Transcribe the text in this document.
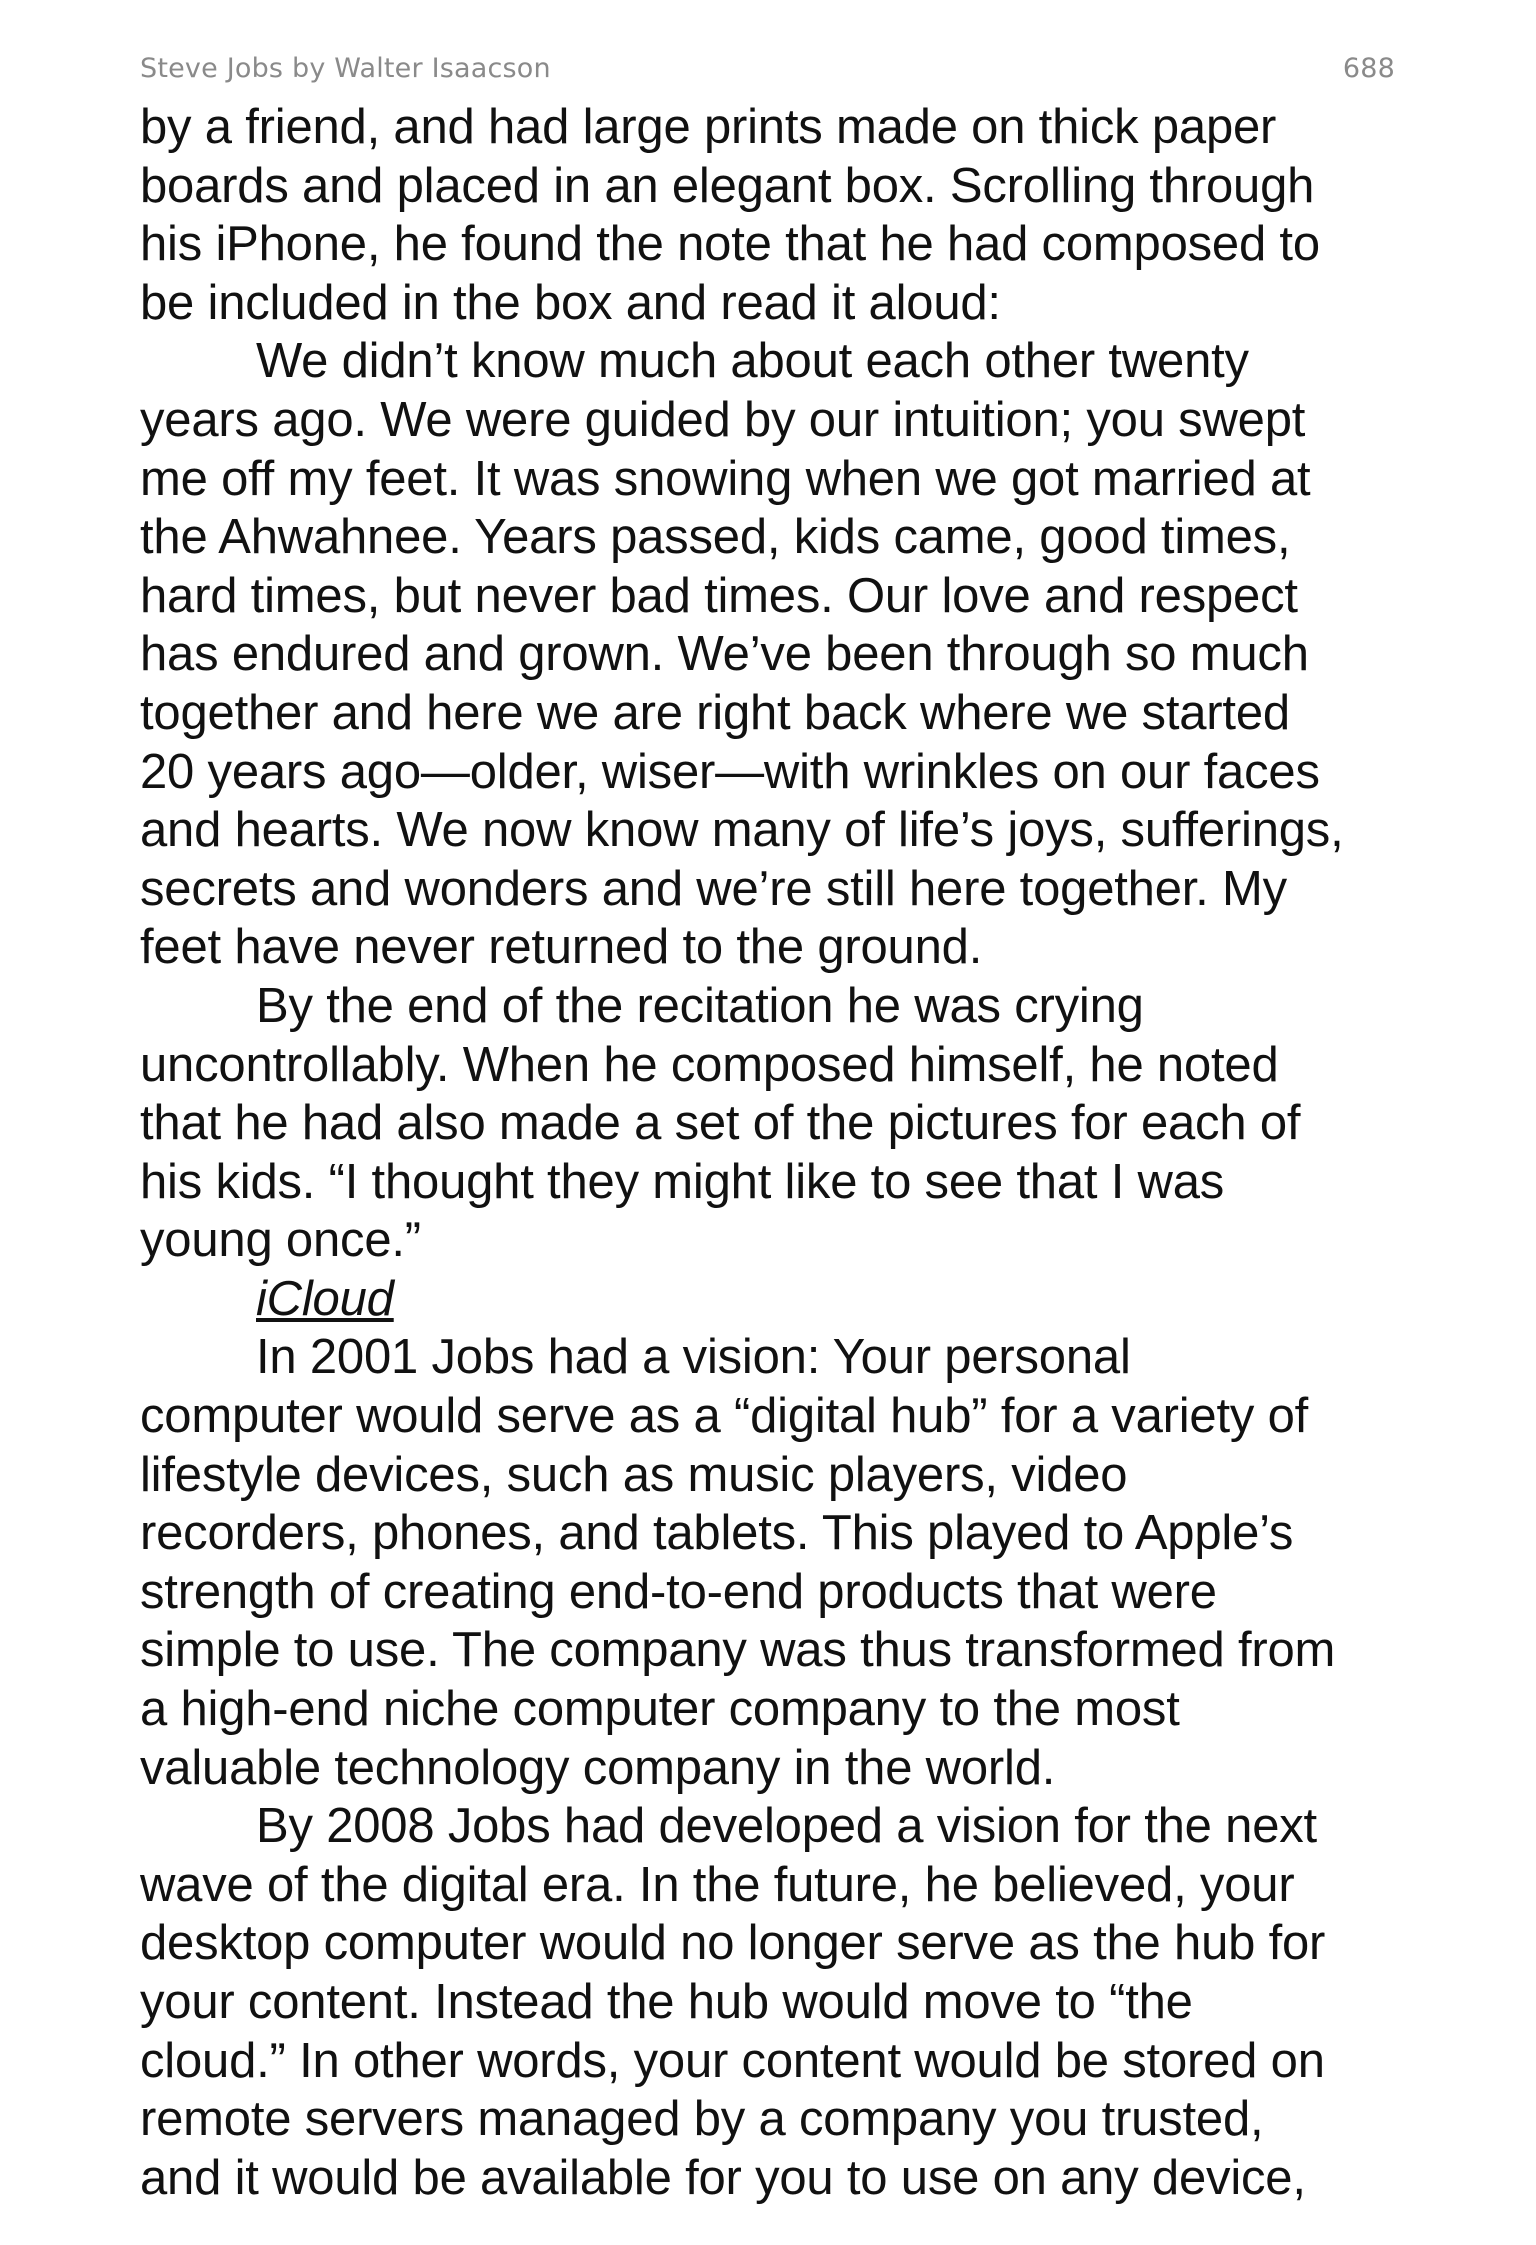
Steve Jobs by Walter Isaacson	688
by a friend, and had large prints made on thick paper
boards and placed in an elegant box. Scrolling through
his iPhone, he found the note that he had composed to
be included in the box and read it aloud:
We didn’t know much about each other twenty
years ago. We were guided by our intuition; you swept
me off my feet. It was snowing when we got married at
the Ahwahnee. Years passed, kids came, good times,
hard times, but never bad times. Our love and respect
has endured and grown. We’ve been through so much
together and here we are right back where we started
20 years ago—older, wiser—with wrinkles on our faces
and hearts. We now know many of life’s joys, sufferings,
secrets and wonders and we’re still here together. My
feet have never returned to the ground.
By the end of the recitation he was crying
uncontrollably. When he composed himself, he noted
that he had also made a set of the pictures for each of
his kids. “I thought they might like to see that I was
young once.”
iCloud
In 2001 Jobs had a vision: Your personal
computer would serve as a “digital hub” for a variety of
lifestyle devices, such as music players, video
recorders, phones, and tablets. This played to Apple’s
strength of creating end-to-end products that were
simple to use. The company was thus transformed from
a high-end niche computer company to the most
valuable technology company in the world.
By 2008 Jobs had developed a vision for the next
wave of the digital era. In the future, he believed, your
desktop computer would no longer serve as the hub for
your content. Instead the hub would move to “the
cloud.” In other words, your content would be stored on
remote servers managed by a company you trusted,
and it would be available for you to use on any device,
